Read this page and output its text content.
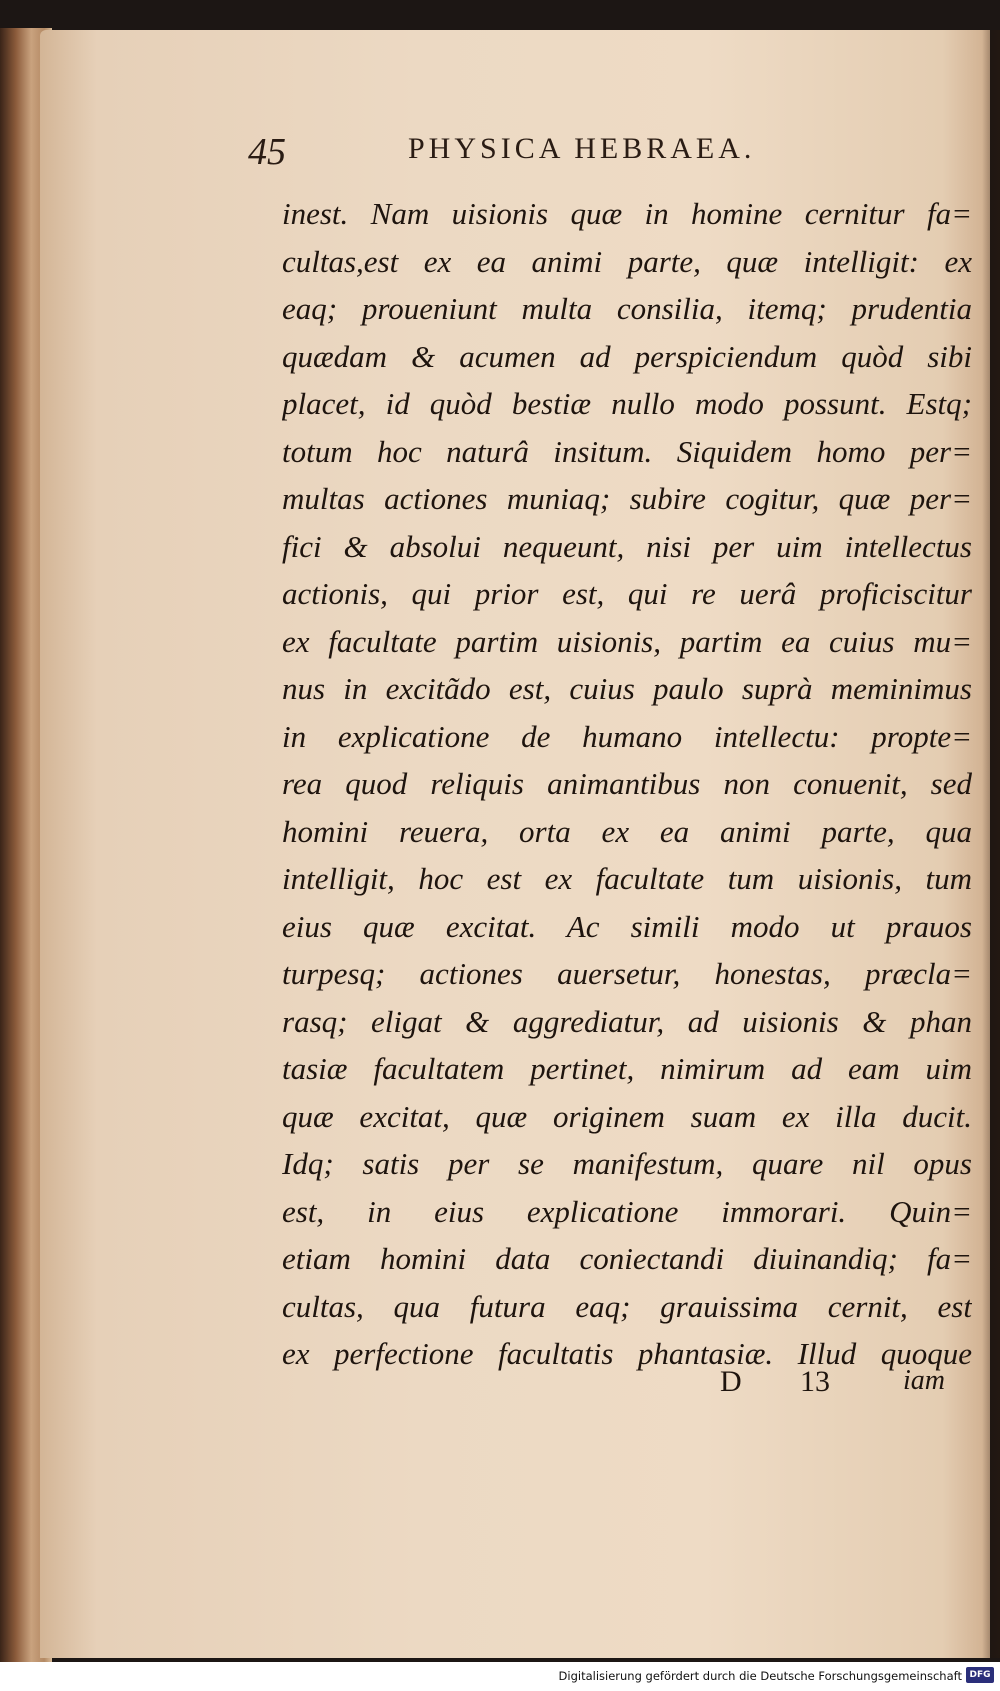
45	PHYSICA HEBRAEA.
inest. Nam uisionis quæ in homine cernitur fa=
cultas,est ex ea animi parte, quæ intelligit: ex
eaq; proueniunt multa consilia, itemq; prudentia
quædam & acumen ad perspiciendum quòd sibi
placet, id quòd bestiæ nullo modo possunt. Estq;
totum hoc naturâ insitum. Siquidem homo per=
multas actiones muniaq; subire cogitur, quæ per=
fici & absolui nequeunt, nisi per uim intellectus
actionis, qui prior est, qui re uerâ proficiscitur
ex facultate partim uisionis, partim ea cuius mu=
nus in excitãdo est, cuius paulo suprà meminimus
in explicatione de humano intellectu: propte=
rea quod reliquis animantibus non conuenit, sed
homini reuera, orta ex ea animi parte, qua
intelligit, hoc est ex facultate tum uisionis, tum
eius quæ excitat. Ac simili modo ut prauos
turpesq; actiones auersetur, honestas, præcla=
rasq; eligat & aggrediatur, ad uisionis & phan
tasiæ facultatem pertinet, nimirum ad eam uim
quæ excitat, quæ originem suam ex illa ducit.
Idq; satis per se manifestum, quare nil opus
est, in eius explicatione immorari. Quin=
etiam homini data coniectandi diuinandiq; fa=
cultas, qua futura eaq; grauissima cernit, est
ex perfectione facultatis phantasiæ. Illud quoque
D 13	iam
Digitalisierung gefördert durch die Deutsche Forschungsgemeinschaft DFG
